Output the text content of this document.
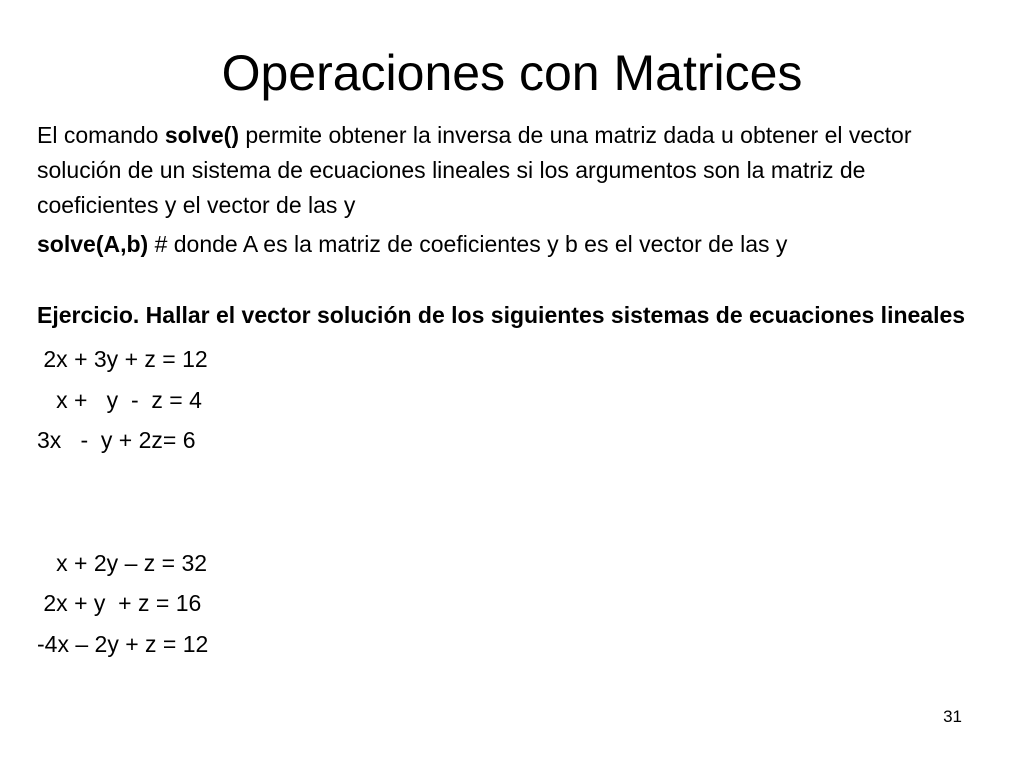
Operaciones con Matrices

El comando solve() permite obtener la inversa de una matriz dada u obtener el vector solución de un sistema de ecuaciones lineales si los argumentos son la matriz de coeficientes y el vector de las y

solve(A,b) # donde A es la matriz de coeficientes y b es el vector de las y

Ejercicio. Hallar el vector solución de los siguientes sistemas de ecuaciones lineales

2x + 3y + z = 12

x +   y  -  z = 4

3x   -  y + 2z= 6

x + 2y – z = 32

2x + y  + z = 16

-4x – 2y + z = 12

31
